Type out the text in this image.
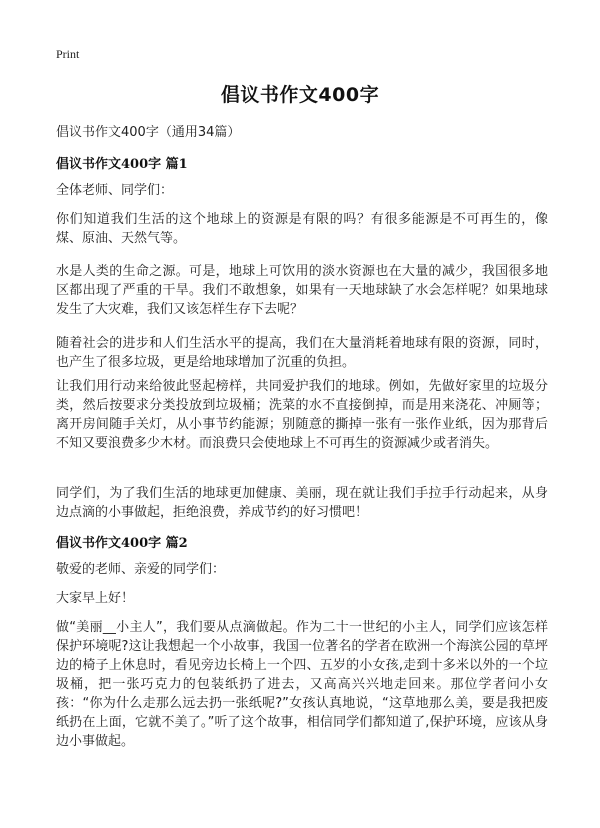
Print
倡议书作文400字
倡议书作文400字（通用34篇）
倡议书作文400字 篇1
全体老师、同学们：
你们知道我们生活的这个地球上的资源是有限的吗？有很多能源是不可再生的，像煤、原油、天然气等。
水是人类的生命之源。可是，地球上可饮用的淡水资源也在大量的减少，我国很多地区都出现了严重的干旱。我们不敢想象，如果有一天地球缺了水会怎样呢？如果地球发生了大灾难，我们又该怎样生存下去呢？
随着社会的进步和人们生活水平的提高，我们在大量消耗着地球有限的资源，同时，也产生了很多垃圾，更是给地球增加了沉重的负担。
让我们用行动来给彼此竖起榜样，共同爱护我们的地球。例如，先做好家里的垃圾分类，然后按要求分类投放到垃圾桶；洗菜的水不直接倒掉，而是用来浇花、冲厕等；离开房间随手关灯，从小事节约能源；别随意的撕掉一张有一张作业纸，因为那背后不知又要浪费多少木材。而浪费只会使地球上不可再生的资源减少或者消失。
同学们，为了我们生活的地球更加健康、美丽，现在就让我们手拉手行动起来，从身边点滴的小事做起，拒绝浪费，养成节约的好习惯吧！
倡议书作文400字 篇2
敬爱的老师、亲爱的同学们：
大家早上好！
做“美丽__小主人”，我们要从点滴做起。作为二十一世纪的小主人，同学们应该怎样保护环境呢?这让我想起一个小故事，我国一位著名的学者在欧洲一个海滨公园的草坪边的椅子上休息时，看见旁边长椅上一个四、五岁的小女孩,走到十多米以外的一个垃圾桶，把一张巧克力的包装纸扔了进去，又高高兴兴地走回来。那位学者问小女孩：“你为什么走那么远去扔一张纸呢?”女孩认真地说，“这草地那么美，要是我把废纸扔在上面，它就不美了。”听了这个故事，相信同学们都知道了,保护环境，应该从身边小事做起。
